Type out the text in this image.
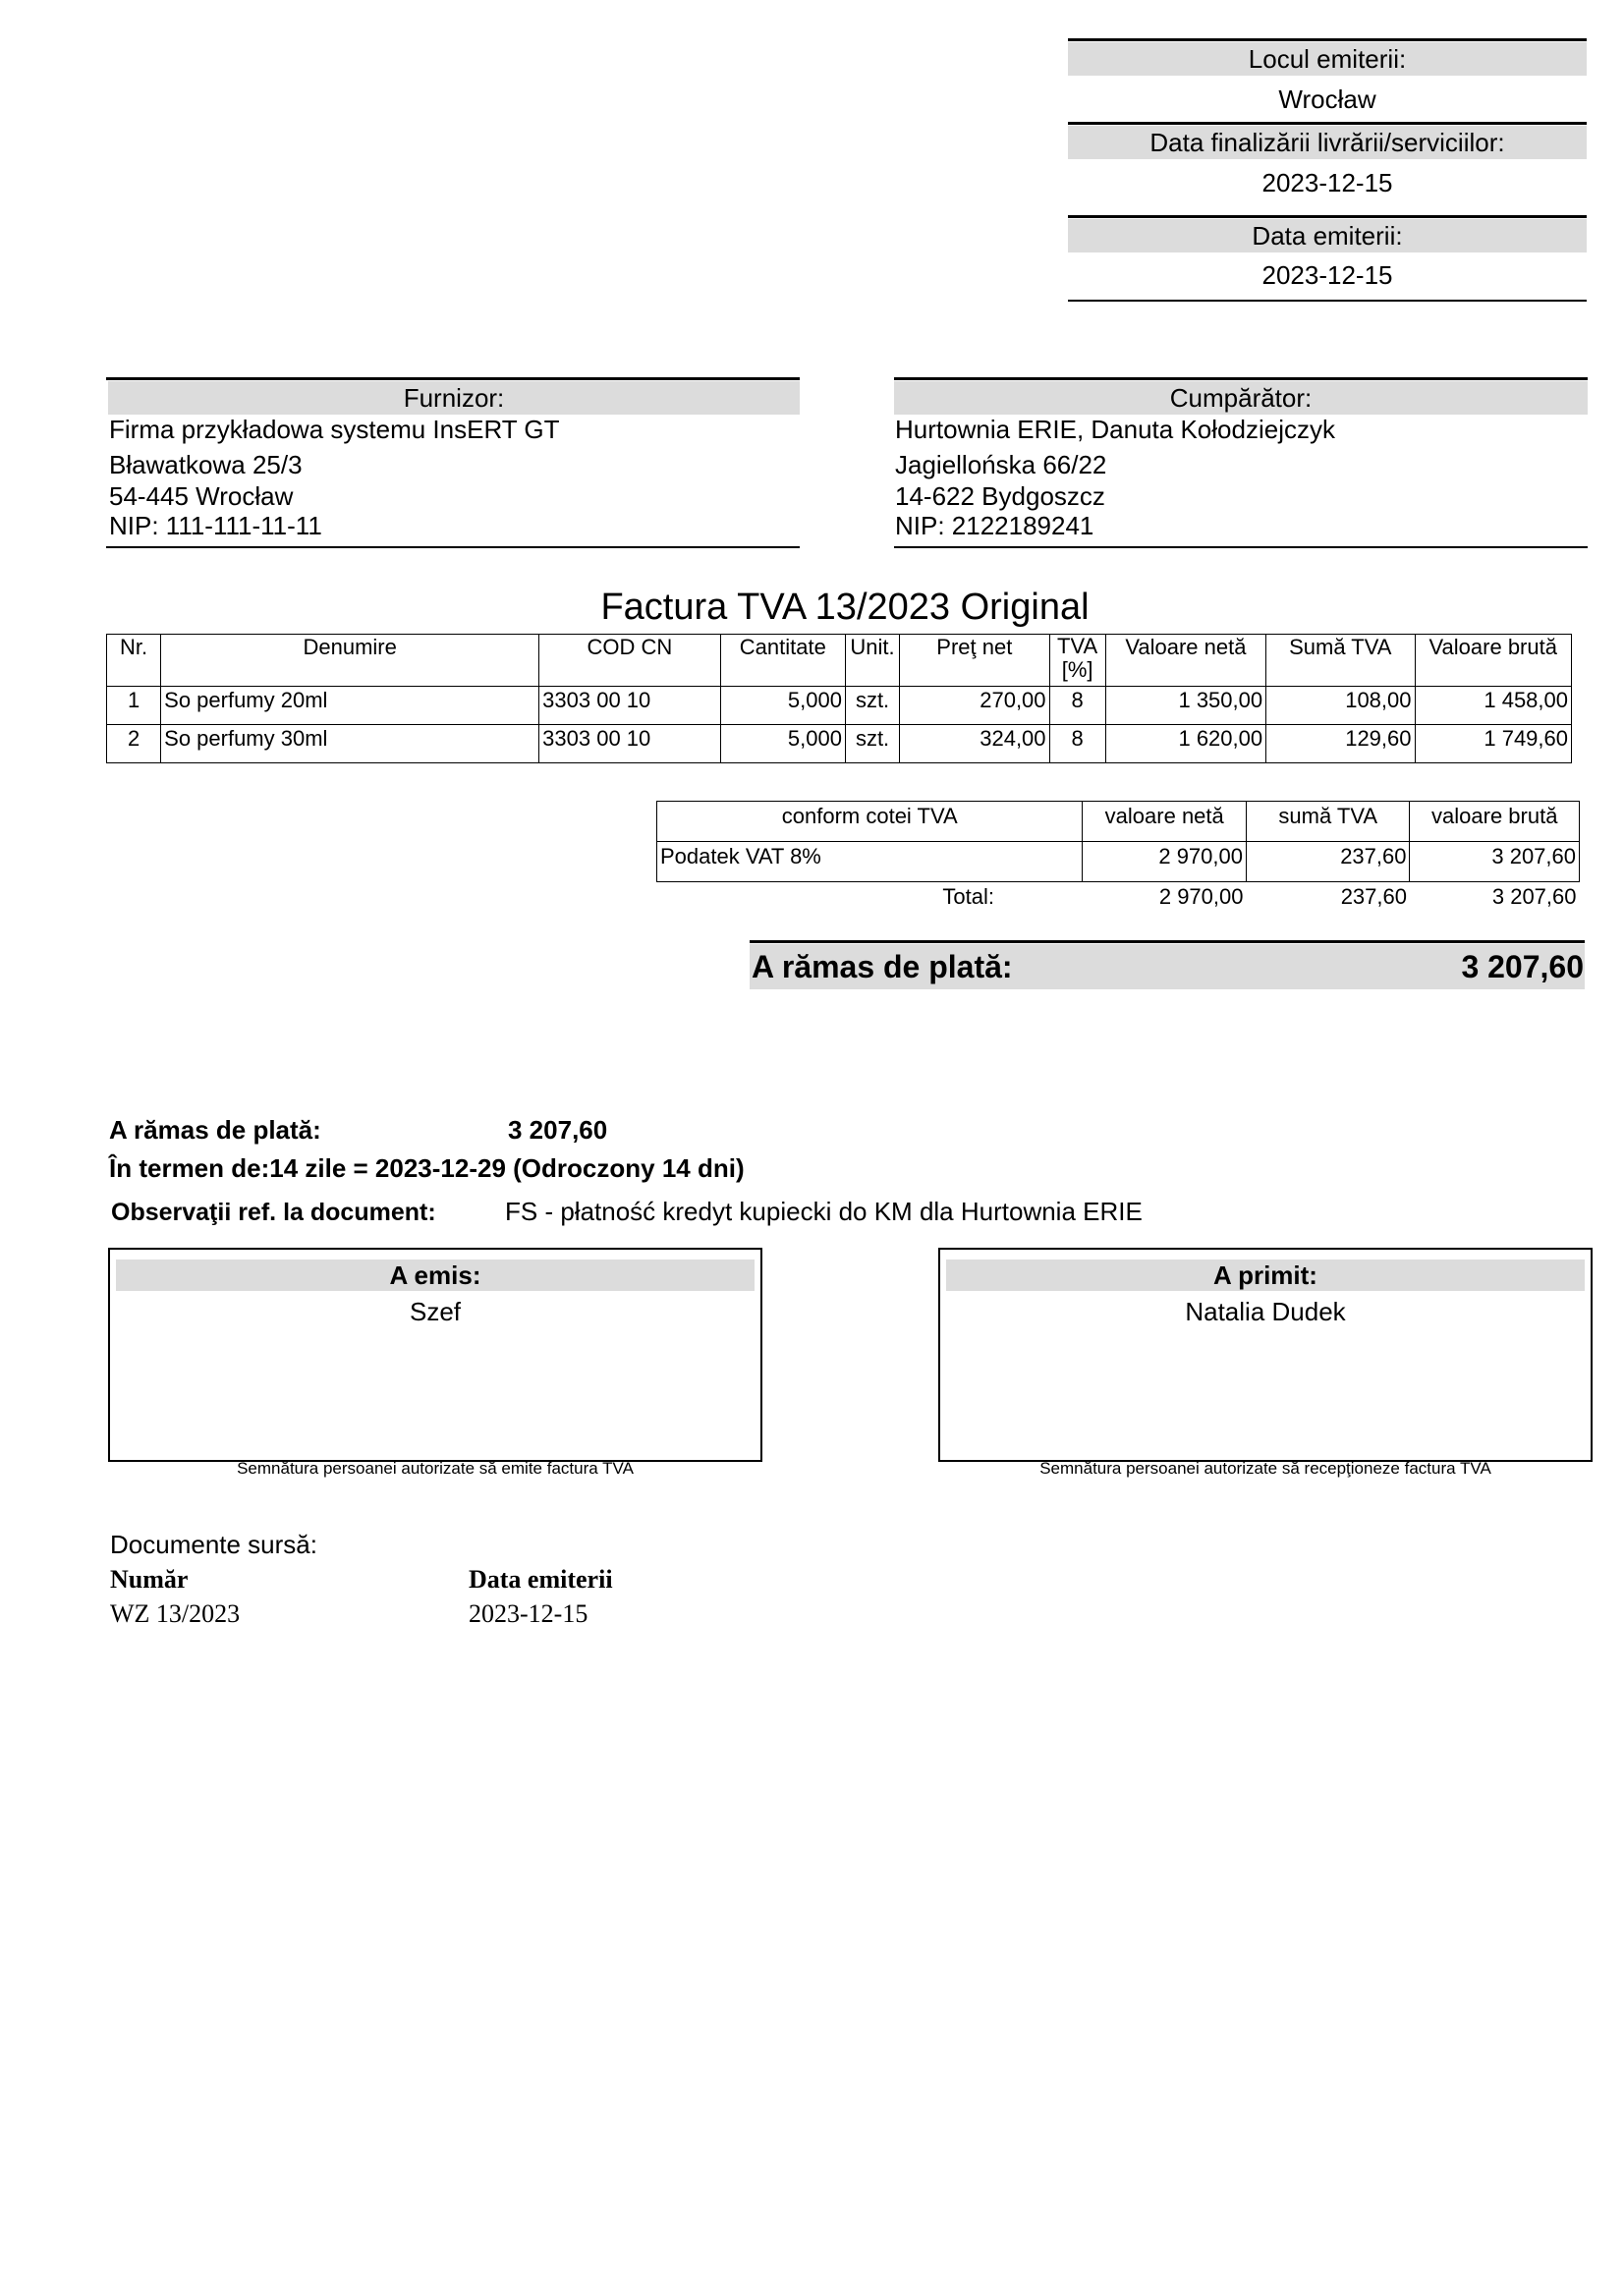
Locul emiterii:
Wrocław
Data finalizării livrării/serviciilor:
2023-12-15
Data emiterii:
2023-12-15
Furnizor:
Firma przykładowa systemu InsERT GT
Bławatkowa 25/3
54-445 Wrocław
NIP: 111-111-11-11
Cumpărător:
Hurtownia ERIE, Danuta Kołodziejczyk
Jagiellońska 66/22
14-622 Bydgoszcz
NIP: 2122189241
Factura TVA 13/2023 Original
Nr.	Denumire	COD CN	Cantitate	Unit.	Preţ net	TVA [%]	Valoare netă	Sumă TVA	Valoare brută
1	So perfumy 20ml	3303 00 10	5,000	szt.	270,00	8	1 350,00	108,00	1 458,00
2	So perfumy 30ml	3303 00 10	5,000	szt.	324,00	8	1 620,00	129,60	1 749,60
conform cotei TVA	valoare netă	sumă TVA	valoare brută
Podatek VAT 8%	2 970,00	237,60	3 207,60
Total:	2 970,00	237,60	3 207,60
A rămas de plată:	3 207,60
A rămas de plată:	3 207,60
În termen de:14 zile = 2023-12-29 (Odroczony 14 dni)
Observaţii ref. la document:	FS - płatność kredyt kupiecki do KM dla Hurtownia ERIE
A emis:
Szef
Semnătura persoanei autorizate să emite factura TVA
A primit:
Natalia Dudek
Semnătura persoanei autorizate să recepţioneze factura TVA
Documente sursă:
Număr	Data emiterii
WZ 13/2023	2023-12-15
